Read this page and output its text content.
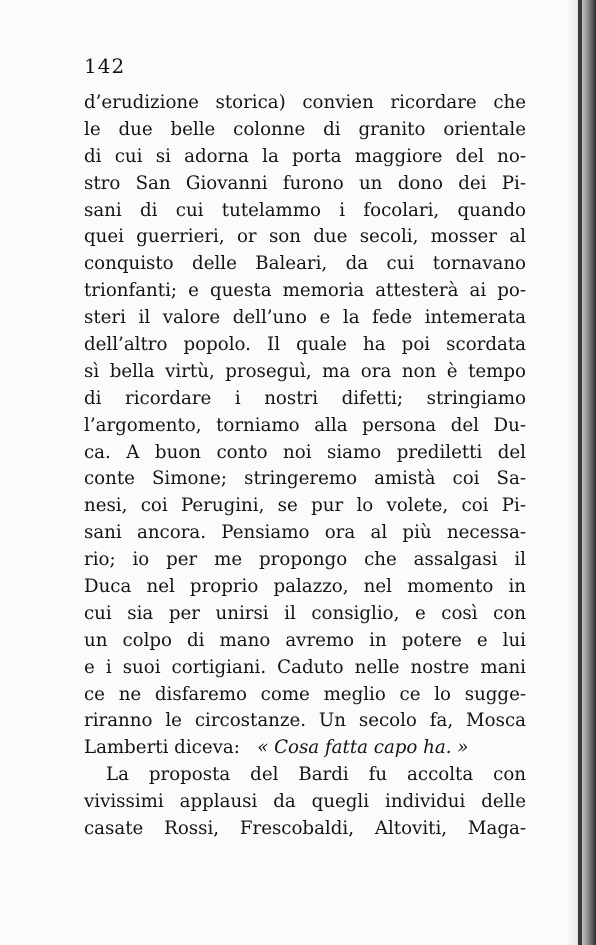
142
d’erudizione storica) convien ricordare che
le due belle colonne di granito orientale
di cui si adorna la porta maggiore del no-
stro San Giovanni furono un dono dei Pi-
sani di cui tutelammo i focolari, quando
quei guerrieri, or son due secoli, mosser al
conquisto delle Baleari, da cui tornavano
trionfanti; e questa memoria attesterà ai po-
steri il valore dell’uno e la fede intemerata
dell’altro popolo. Il quale ha poi scordata
sì bella virtù, proseguì, ma ora non è tempo
di ricordare i nostri difetti; stringiamo
l’argomento, torniamo alla persona del Du-
ca. A buon conto noi siamo prediletti del
conte Simone; stringeremo amistà coi Sa-
nesi, coi Perugini, se pur lo volete, coi Pi-
sani ancora. Pensiamo ora al più necessa-
rio; io per me propongo che assalgasi il
Duca nel proprio palazzo, nel momento in
cui sia per unirsi il consiglio, e così con
un colpo di mano avremo in potere e lui
e i suoi cortigiani. Caduto nelle nostre mani
ce ne disfaremo come meglio ce lo sugge-
riranno le circostanze. Un secolo fa, Mosca
Lamberti diceva: « Cosa fatta capo ha. »
La proposta del Bardi fu accolta con
vivissimi applausi da quegli individui delle
casate Rossi, Frescobaldi, Altoviti, Maga-
